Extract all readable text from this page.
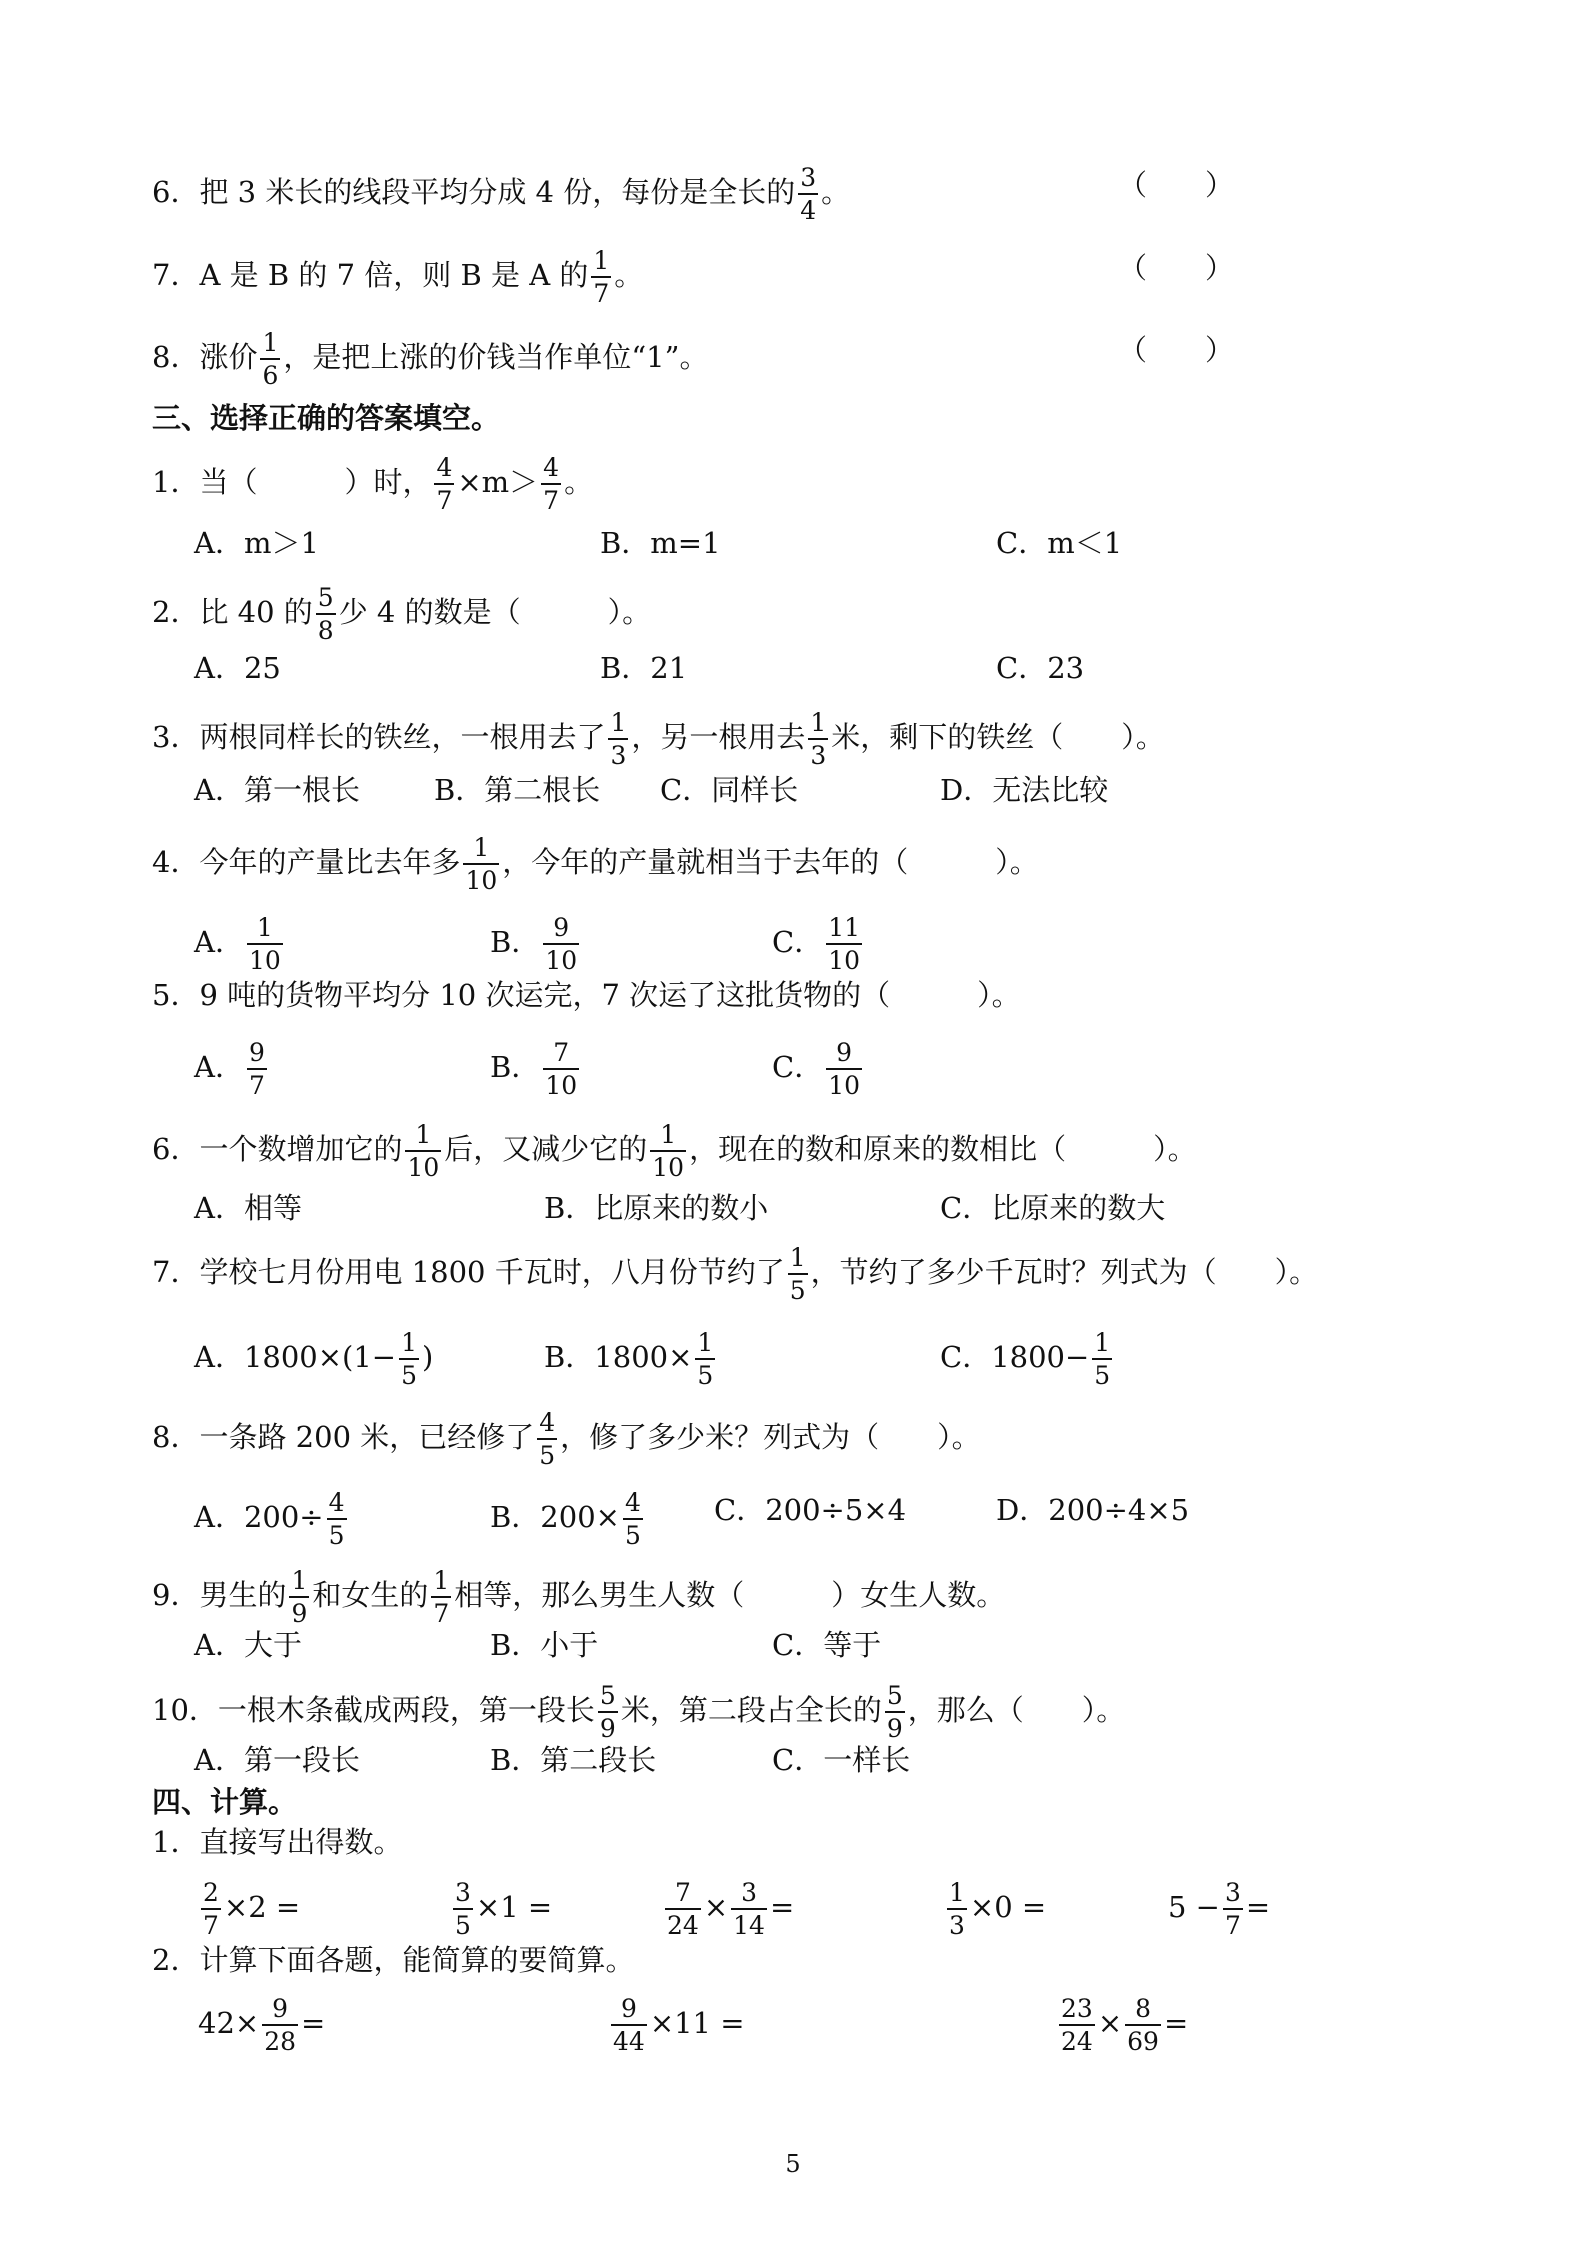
6．把 3 米长的线段平均分成 4 份，每份是全长的 $\frac{3}{4}$ 。	（　　）
7．A 是 B 的 7 倍，则 B 是 A 的 $\frac{1}{7}$ 。	（　　）
8．涨价 $\frac{1}{6}$ ，是把上涨的价钱当作单位“1”。	（　　）
三、选择正确的答案填空。
1．当（　　　）时， $\frac{4}{7} \times m> \frac{4}{7}$ 。
A．m＞1	B．m=1	C．m＜1
2．比 40 的 $\frac{5}{8}$ 少 4 的数是（　　　）。
A．25	B．21	C．23
3．两根同样长的铁丝，一根用去了 $\frac{1}{3}$ ，另一根用去 $\frac{1}{3}$ 米，剩下的铁丝（　　）。
A．第一根长	B．第二根长 C．同样长	D．无法比较
4．今年的产量比去年多 $\frac{1}{10}$ ，今年的产量就相当于去年的（　　　）。
A． $\frac{1}{10}$	B． $\frac{9}{10}$	C． $\frac{11}{10}$
5．9 吨的货物平均分 10 次运完，7 次运了这批货物的（　　　）。
A． $\frac{9}{7}$	B． $\frac{7}{10}$	C． $\frac{9}{10}$
6．一个数增加它的 $\frac{1}{10}$ 后，又减少它的 $\frac{1}{10}$ ，现在的数和原来的数相比（　　　）。
A．相等	B．比原来的数小	C．比原来的数大
7．学校七月份用电 1800 千瓦时，八月份节约了 $\frac{1}{5}$ ，节约了多少千瓦时？列式为（　　）。
A．$1800\times(1- \frac{1}{5}$ )	B．$1800\times \frac{1}{5}$	C．$1800- \frac{1}{5}$
8．一条路 200 米，已经修了 $\frac{4}{5}$ ，修了多少米？列式为（　　）。
A．$200\div \frac{4}{5}$	B．$200\times \frac{4}{5}$ C．200÷5×4	D．200÷4×5
9．男生的 $\frac{1}{9}$ 和女生的 $\frac{1}{7}$ 相等，那么男生人数（　　　）女生人数。
A．大于	B．小于	C．等于
10．一根木条截成两段，第一段长 $\frac{5}{9}$ 米，第二段占全长的 $\frac{5}{9}$ ，那么（　　）。
A．第一段长	B．第二段长	C．一样长
四、计算。
1．直接写出得数。
$\frac{2}{7} \times 2$ =	$\frac{3}{5} \times 1$ =	$\frac{7}{24} \times \frac{3}{14}$ =	$\frac{1}{3} \times 0$ =	$5 - \frac{3}{7}$ =
2．计算下面各题，能简算的要简算。
$42\times \frac{9}{28}$ =	$\frac{9}{44} \times 11$ =	$\frac{23}{24} \times \frac{8}{69}$ =
5
